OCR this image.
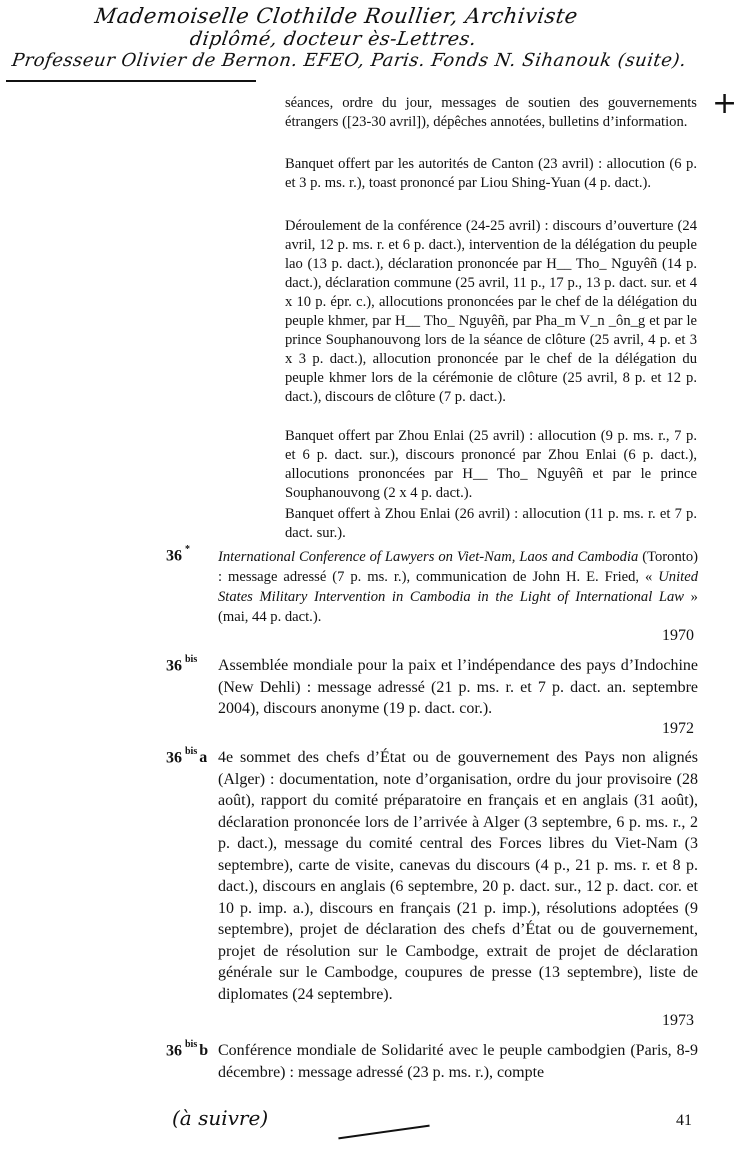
Mademoiselle Clothilde Roullier, Archiviste
diplômé, docteur ès-Lettres.
Professeur Olivier de Bernon. EFEO, Paris. Fonds N. Sihanouk (suite).
+
séances, ordre du jour, messages de soutien des gouvernements étrangers ([23-30 avril]), dépêches annotées, bulletins d’information.
Banquet offert par les autorités de Canton (23 avril) : allocution (6 p. et 3 p. ms. r.), toast prononcé par Liou Shing-Yuan (4 p. dact.).
Déroulement de la conférence (24-25 avril) : discours d’ouverture (24 avril, 12 p. ms. r. et 6 p. dact.), intervention de la délégation du peuple lao (13 p. dact.), déclaration prononcée par H__ Tho_ Nguyêñ (14 p. dact.), déclaration commune (25 avril, 11 p., 17 p., 13 p. dact. sur. et 4 x 10 p. épr. c.), allocutions prononcées par le chef de la délégation du peuple khmer, par H__ Tho_ Nguyêñ, par Pha_m V_n _ôn_g et par le prince Souphanouvong lors de la séance de clôture (25 avril, 4 p. et 3 x 3 p. dact.), allocution prononcée par le chef de la délégation du peuple khmer lors de la cérémonie de clôture (25 avril, 8 p. et 12 p. dact.), discours de clôture (7 p. dact.).
Banquet offert par Zhou Enlai (25 avril) : allocution (9 p. ms. r., 7 p. et 6 p. dact. sur.), discours prononcé par Zhou Enlai (6 p. dact.), allocutions prononcées par H__ Tho_ Nguyêñ et par le prince Souphanouvong (2 x 4 p. dact.).
Banquet offert à Zhou Enlai (26 avril) : allocution (11 p. ms. r. et 7 p. dact. sur.).
36 * International Conference of Lawyers on Viet-Nam, Laos and Cambodia (Toronto) : message adressé (7 p. ms. r.), communication de John H. E. Fried, « United States Military Intervention in Cambodia in the Light of International Law » (mai, 44 p. dact.).
1970
36 $^{bis}$ Assemblée mondiale pour la paix et l’indépendance des pays d’Indochine (New Dehli) : message adressé (21 p. ms. r. et 7 p. dact. an. septembre 2004), discours anonyme (19 p. dact. cor.).
1972
36 $^{bis}$ a 4e sommet des chefs d’État ou de gouvernement des Pays non alignés (Alger) : documentation, note d’organisation, ordre du jour provisoire (28 août), rapport du comité préparatoire en français et en anglais (31 août), déclaration prononcée lors de l’arrivée à Alger (3 septembre, 6 p. ms. r., 2 p. dact.), message du comité central des Forces libres du Viet-Nam (3 septembre), carte de visite, canevas du discours (4 p., 21 p. ms. r. et 8 p. dact.), discours en anglais (6 septembre, 20 p. dact. sur., 12 p. dact. cor. et 10 p. imp. a.), discours en français (21 p. imp.), résolutions adoptées (9 septembre), projet de déclaration des chefs d’État ou de gouvernement, projet de résolution sur le Cambodge, extrait de projet de déclaration générale sur le Cambodge, coupures de presse (13 septembre), liste de diplomates (24 septembre).
1973
36 $^{bis}$ b Conférence mondiale de Solidarité avec le peuple cambodgien (Paris, 8-9 décembre) : message adressé (23 p. ms. r.), compte
(à suivre)	41
